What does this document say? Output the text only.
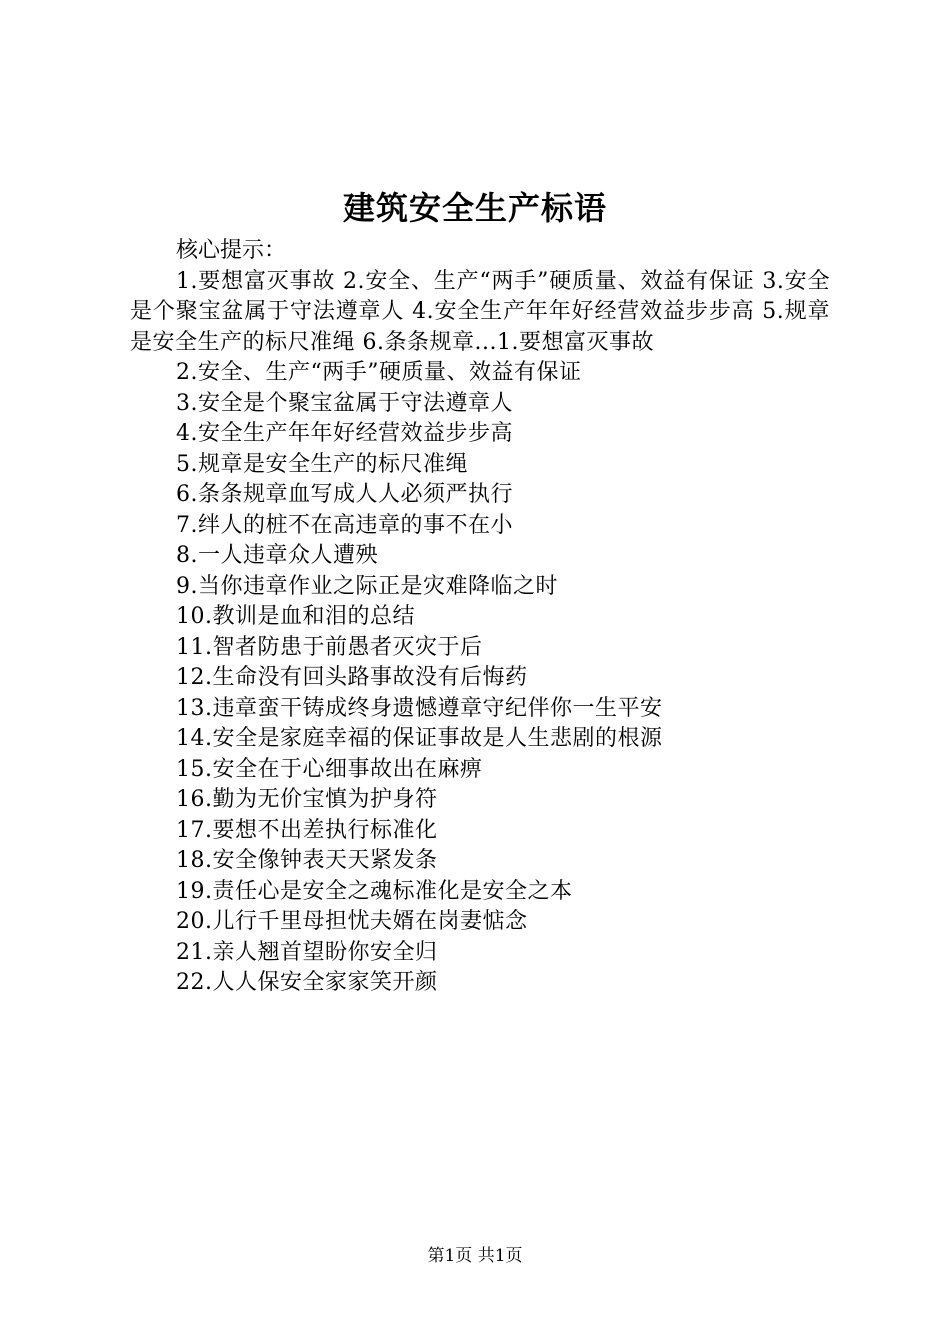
建筑安全生产标语

核心提示：

1.要想富灭事故 2.安全、生产“两手”硬质量、效益有保证 3.安全是个聚宝盆属于守法遵章人 4.安全生产年年好经营效益步步高 5.规章是安全生产的标尺准绳 6.条条规章...1.要想富灭事故

2.安全、生产“两手”硬质量、效益有保证
3.安全是个聚宝盆属于守法遵章人
4.安全生产年年好经营效益步步高
5.规章是安全生产的标尺准绳
6.条条规章血写成人人必须严执行
7.绊人的桩不在高违章的事不在小
8.一人违章众人遭殃
9.当你违章作业之际正是灾难降临之时
10.教训是血和泪的总结
11.智者防患于前愚者灭灾于后
12.生命没有回头路事故没有后悔药
13.违章蛮干铸成终身遗憾遵章守纪伴你一生平安
14.安全是家庭幸福的保证事故是人生悲剧的根源
15.安全在于心细事故出在麻痹
16.勤为无价宝慎为护身符
17.要想不出差执行标准化
18.安全像钟表天天紧发条
19.责任心是安全之魂标准化是安全之本
20.儿行千里母担忧夫婿在岗妻惦念
21.亲人翘首望盼你安全归
22.人人保安全家家笑开颜
第1页 共1页
